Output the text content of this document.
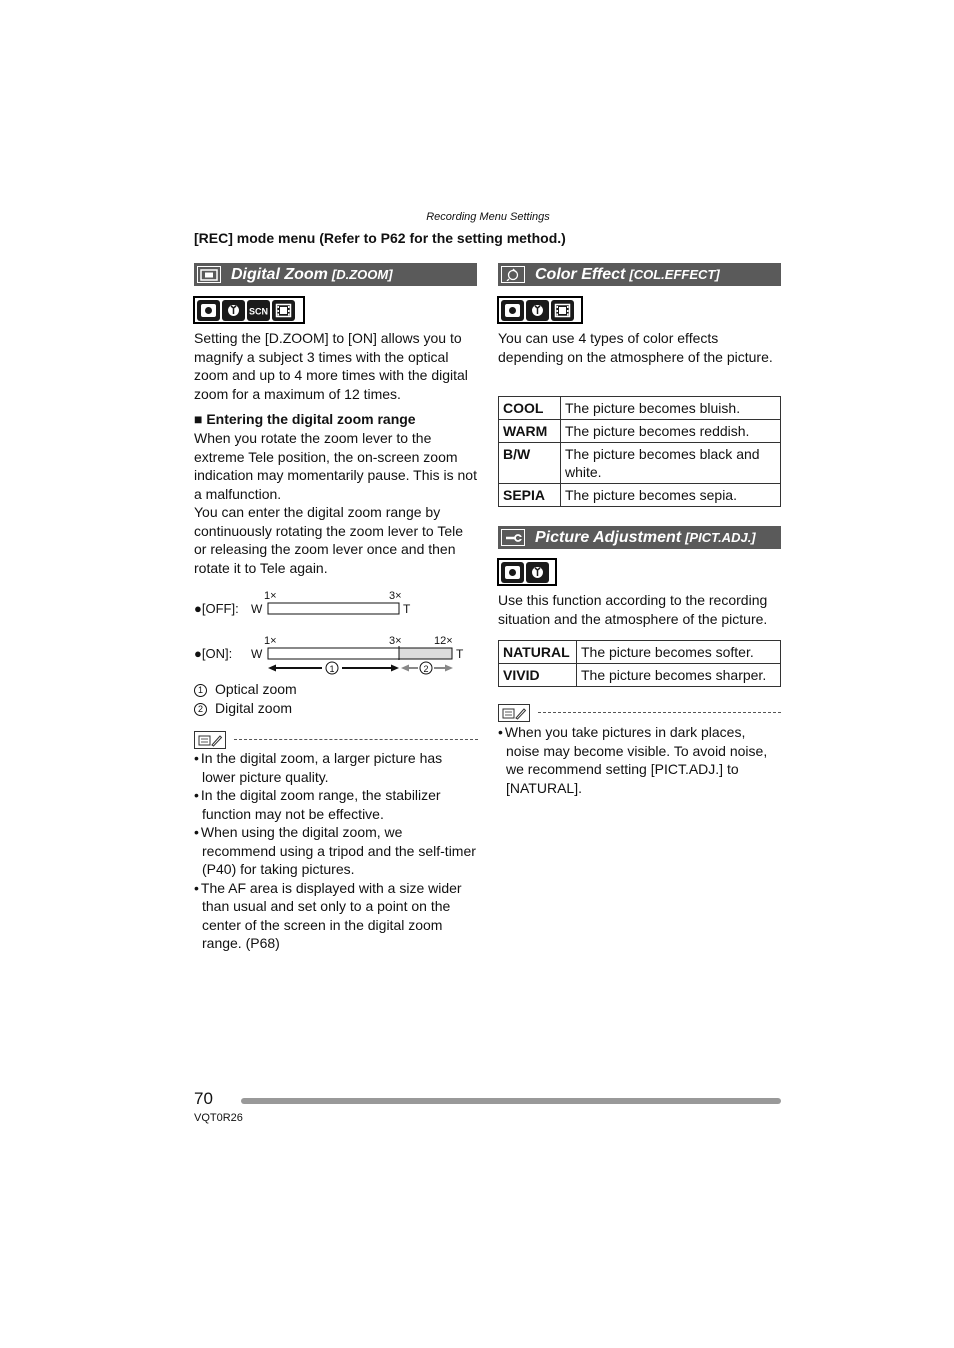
Recording Menu Settings
[REC] mode menu (Refer to P62 for the setting method.)
Digital Zoom [D.ZOOM]
SCN
Setting the [D.ZOOM] to [ON] allows you to magnify a subject 3 times with the optical zoom and up to 4 more times with the digital zoom for a maximum of 12 times.
■ Entering the digital zoom range
When you rotate the zoom lever to the extreme Tele position, the on-screen zoom indication may momentarily pause. This is not a malfunction.
You can enter the digital zoom range by continuously rotating the zoom lever to Tele or releasing the zoom lever once and then rotate it to Tele again.
●[OFF]: W
1×	3×
T
●[ON]: W
1×	3×	12×
T
1	2
1 Optical zoom
2 Digital zoom
• In the digital zoom, a larger picture has lower picture quality.
• In the digital zoom range, the stabilizer function may not be effective.
• When using the digital zoom, we recommend using a tripod and the self-timer (P40) for taking pictures.
• The AF area is displayed with a size wider than usual and set only to a point on the center of the screen in the digital zoom range. (P68)
Color Effect [COL.EFFECT]
You can use 4 types of color effects depending on the atmosphere of the picture.
COOL	The picture becomes bluish.
WARM	The picture becomes reddish.
B/W	The picture becomes black and white.
SEPIA	The picture becomes sepia.
Picture Adjustment [PICT.ADJ.]
Use this function according to the recording situation and the atmosphere of the picture.
NATURAL	The picture becomes softer.
VIVID	The picture becomes sharper.
• When you take pictures in dark places, noise may become visible. To avoid noise, we recommend setting [PICT.ADJ.] to [NATURAL].
70
VQT0R26
